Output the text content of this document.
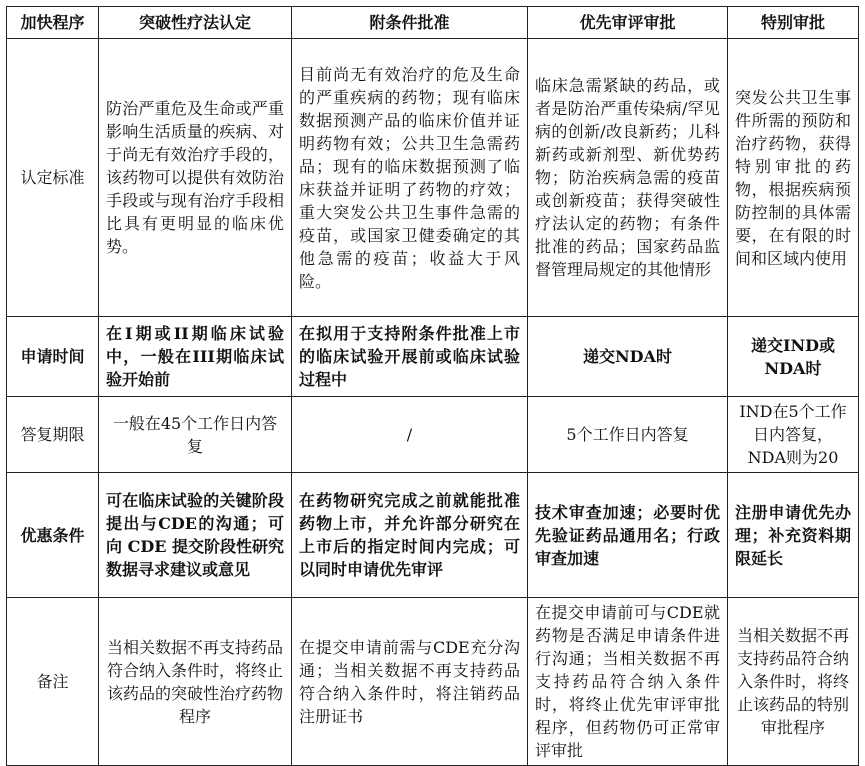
加快程序	突破性疗法认定	附条件批准	优先审评审批	特别审批
认定标准	防治严重危及生命或严重影响生活质量的疾病、对于尚无有效治疗手段的，该药物可以提供有效防治手段或与现有治疗手段相比具有更明显的临床优势。	目前尚无有效治疗的危及生命的严重疾病的药物；现有临床数据预测产品的临床价值并证明药物有效；公共卫生急需药品；现有的临床数据预测了临床获益并证明了药物的疗效；重大突发公共卫生事件急需的疫苗，或国家卫健委确定的其他急需的疫苗；收益大于风险。	临床急需紧缺的药品，或者是防治严重传染病/罕见病的创新/改良新药；儿科新药或新剂型、新优势药物；防治疾病急需的疫苗或创新疫苗；获得突破性疗法认定的药物；有条件批准的药品；国家药品监督管理局规定的其他情形	突发公共卫生事件所需的预防和治疗药物，获得特别审批的药物，根据疾病预防控制的具体需要，在有限的时间和区域内使用
申请时间	在I期或II期临床试验中，一般在III期临床试验开始前	在拟用于支持附条件批准上市的临床试验开展前或临床试验过程中	递交NDA时	递交IND或NDA时
答复期限	一般在45个工作日内答复	/	5个工作日内答复	IND在5个工作日内答复，NDA则为20
优惠条件	可在临床试验的关键阶段提出与CDE的沟通；可向 CDE 提交阶段性研究数据寻求建议或意见	在药物研究完成之前就能批准药物上市，并允许部分研究在上市后的指定时间内完成；可以同时申请优先审评	技术审查加速；必要时优先验证药品通用名；行政审查加速	注册申请优先办理；补充资料期限延长
备注	当相关数据不再支持药品符合纳入条件时，将终止该药品的突破性治疗药物程序	在提交申请前需与CDE充分沟通；当相关数据不再支持药品符合纳入条件时，将注销药品注册证书	在提交申请前可与CDE就药物是否满足申请条件进行沟通；当相关数据不再支持药品符合纳入条件时，将终止优先审评审批程序，但药物仍可正常审评审批	当相关数据不再支持药品符合纳入条件时，将终止该药品的特别审批程序
